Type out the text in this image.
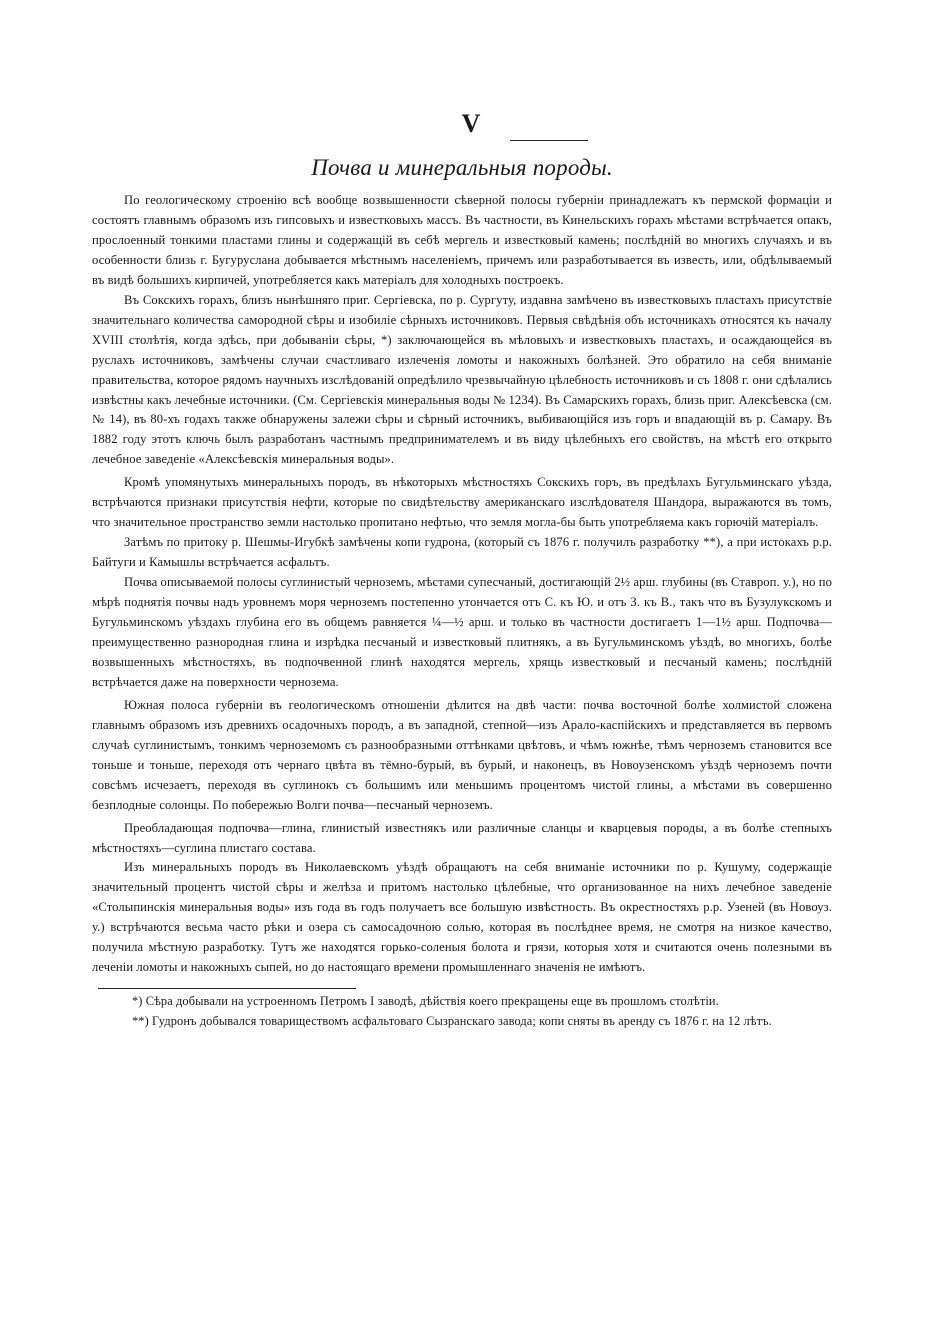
V
Почва и минеральныя породы.

По геологическому строенію всѣ вообще возвышенности сѣверной полосы губерніи принадлежатъ къ пермской формаціи и состоятъ главнымъ образомъ изъ гипсовыхъ и известковыхъ массъ. Въ частности, въ Кинельскихъ горахъ мѣстами встрѣчается опакъ, прослоенный тонкими пластами глины и содержащій въ себѣ мергель и известковый камень; послѣдній во многихъ случаяхъ и въ особенности близь г. Бугуруслана добывается мѣстнымъ населеніемъ, причемъ или разработывается въ известь, или, обдѣлываемый въ видѣ большихъ кирпичей, употребляется какъ матеріалъ для холодныхъ построекъ.

Въ Сокскихъ горахъ, близъ нынѣшняго приг. Сергіевска, по р. Сургуту, издавна замѣчено въ известковыхъ пластахъ присутствіе значительнаго количества самородной сѣры и изобиліе сѣрныхъ источниковъ. Первыя свѣдѣнія объ источникахъ относятся къ началу XVIII столѣтія, когда здѣсь, при добываніи сѣры, *) заключающейся въ мѣловыхъ и известковыхъ пластахъ, и осаждающейся въ руслахъ источниковъ, замѣчены случаи счастливаго излеченія ломоты и накожныхъ болѣзней. Это обратило на себя вниманіе правительства, которое рядомъ научныхъ изслѣдованій опредѣлило чрезвычайную цѣлебность источниковъ и съ 1808 г. они сдѣлались извѣстны какъ лечебные источники. (См. Сергіевскія минеральныя воды № 1234). Въ Самарскихъ горахъ, близь приг. Алексѣевска (см. № 14), въ 80-хъ годахъ также обнаружены залежи сѣры и сѣрный источникъ, выбивающійся изъ горъ и впадающій въ р. Самару. Въ 1882 году этотъ ключь былъ разработанъ частнымъ предпринимателемъ и въ виду цѣлебныхъ его свойствъ, на мѣстѣ его открыто лечебное заведеніе «Алексѣевскія минеральныя воды».

Кромѣ упомянутыхъ минеральныхъ породъ, въ нѣкоторыхъ мѣстностяхъ Сокскихъ горъ, въ предѣлахъ Бугульминскаго уѣзда, встрѣчаются признаки присутствія нефти, которые по свидѣтельству американскаго изслѣдователя Шандора, выражаются въ томъ, что значительное пространство земли настолько пропитано нефтью, что земля могла-бы быть употребляема какъ горючій матеріалъ.

Затѣмъ по притоку р. Шешмы-Игубкѣ замѣчены копи гудрона, (который съ 1876 г. получилъ разработку **), а при истокахъ р.р. Байтуги и Камышлы встрѣчается асфальтъ.

Почва описываемой полосы суглинистый черноземъ, мѣстами супесчаный, достигающій 2½ арш. глубины (въ Ставроп. у.), но по мѣрѣ поднятія почвы надъ уровнемъ моря черноземъ постепенно утончается отъ С. къ Ю. и отъ З. къ В., такъ что въ Бузулукскомъ и Бугульминскомъ уѣздахъ глубина его въ общемъ равняется ¼—½ арш. и только въ частности достигаетъ 1—1½ арш. Подпочва—преимущественно разнородная глина и изрѣдка песчаный и известковый плитнякъ, а въ Бугульминскомъ уѣздѣ, во многихъ, болѣе возвышенныхъ мѣстностяхъ, въ подпочвенной глинѣ находятся мергель, хрящь известковый и песчаный камень; послѣдній встрѣчается даже на поверхности чернозема.

Южная полоса губерніи въ геологическомъ отношеніи дѣлится на двѣ части: почва восточной болѣе холмистой сложена главнымъ образомъ изъ древнихъ осадочныхъ породъ, а въ западной, степной—изъ Арало-каспійскихъ и представляется въ первомъ случаѣ суглинистымъ, тонкимъ черноземомъ съ разнообразными оттѣнками цвѣтовъ, и чѣмъ южнѣе, тѣмъ черноземъ становится все тоньше и тоньше, переходя отъ чернаго цвѣта въ тёмно-бурый, въ бурый, и наконецъ, въ Новоузенскомъ уѣздѣ черноземъ почти совсѣмъ исчезаетъ, переходя въ суглинокъ съ большимъ или меньшимъ процентомъ чистой глины, а мѣстами въ совершенно безплодные солонцы. По побережью Волги почва—песчаный черноземъ.

Преобладающая подпочва—глина, глинистый известнякъ или различные сланцы и кварцевыя породы, а въ болѣе степныхъ мѣстностяхъ—суглина плистаго состава.

Изъ минеральныхъ породъ въ Николаевскомъ уѣздѣ обращаютъ на себя вниманіе источники по р. Кушуму, содержащіе значительный процентъ чистой сѣры и желѣза и притомъ настолько цѣлебные, что организованное на нихъ лечебное заведеніе «Столыпинскія минеральныя воды» изъ года въ годъ получаетъ все большую извѣстность. Въ окрестностяхъ р.р. Узеней (въ Новоуз. у.) встрѣчаются весьма часто рѣки и озера съ самосадочною солью, которая въ послѣднее время, не смотря на низкое качество, получила мѣстную разработку. Тутъ же находятся горько-соленыя болота и грязи, которыя хотя и считаются очень полезными въ леченіи ломоты и накожныхъ сыпей, но до настоящаго времени промышленнаго значенія не имѣютъ.

*) Сѣра добывали на устроенномъ Петромъ I заводѣ, дѣйствія коего прекращены еще въ прошломъ столѣтіи.

**) Гудронъ добывался товариществомъ асфальтоваго Сызранскаго завода; копи сняты въ аренду съ 1876 г. на 12 лѣтъ.
